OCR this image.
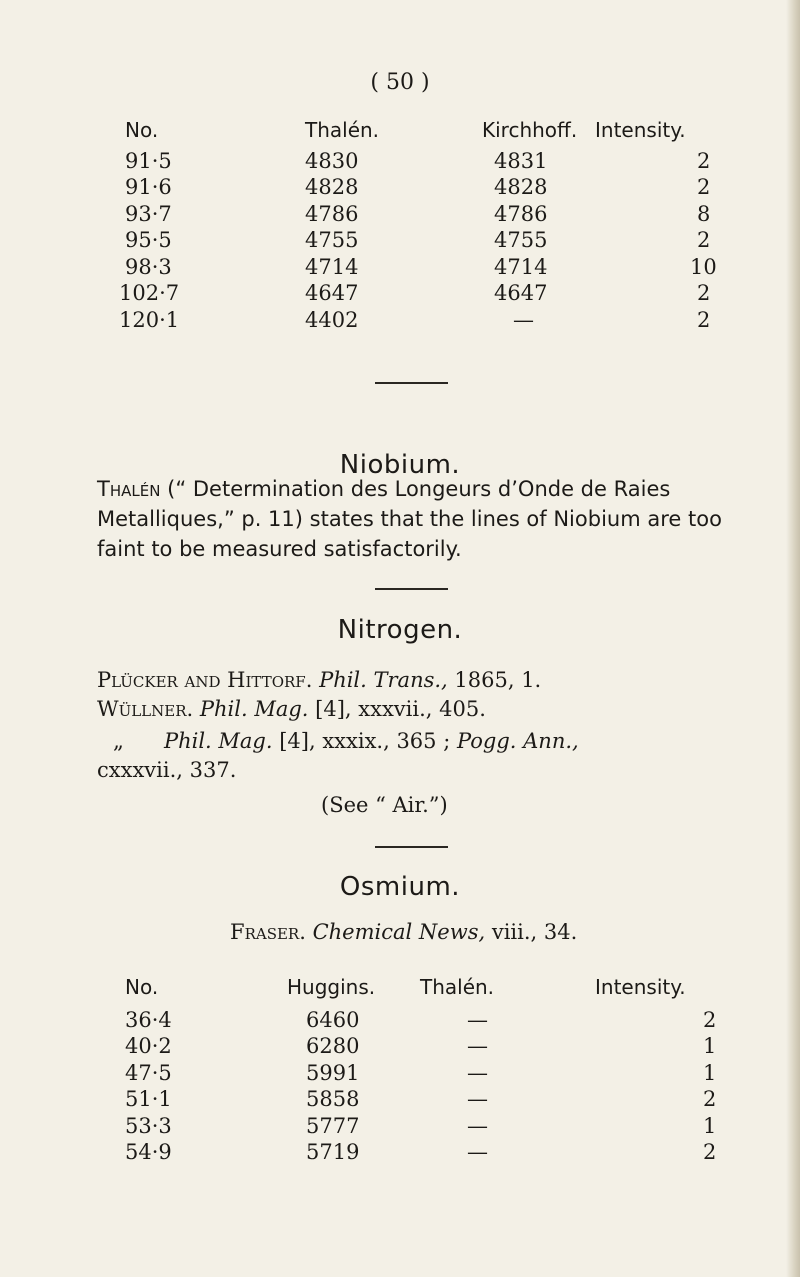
( 50 )
No.	Thalén.	Kirchhoff. Intensity.
91·5	4830	4831	2
91·6	4828	4828	2
93·7	4786	4786	8
95·5	4755	4755	2
98·3	4714	4714	10
102·7	4647	4647	2
120·1	4402	—	2
Niobium.
Thalén (“ Determination des Longeurs d’Onde de Raies Metalliques,” p. 11) states that the lines of Niobium are too faint to be measured satisfactorily.
Nitrogen.
Plücker and Hittorf. Phil. Trans., 1865, 1.
Wüllner. Phil. Mag. [4], xxxvii., 405.
„ Phil. Mag. [4], xxxix., 365 ; Pogg. Ann.,
cxxxvii., 337.
(See “ Air.”)
Osmium.
Fraser. Chemical News, viii., 34.
No.	Huggins. Thalén.	Intensity.
36·4	6460	—	2
40·2	6280	—	1
47·5	5991	—	1
51·1	5858	—	2
53·3	5777	—	1
54·9	5719	—	2
